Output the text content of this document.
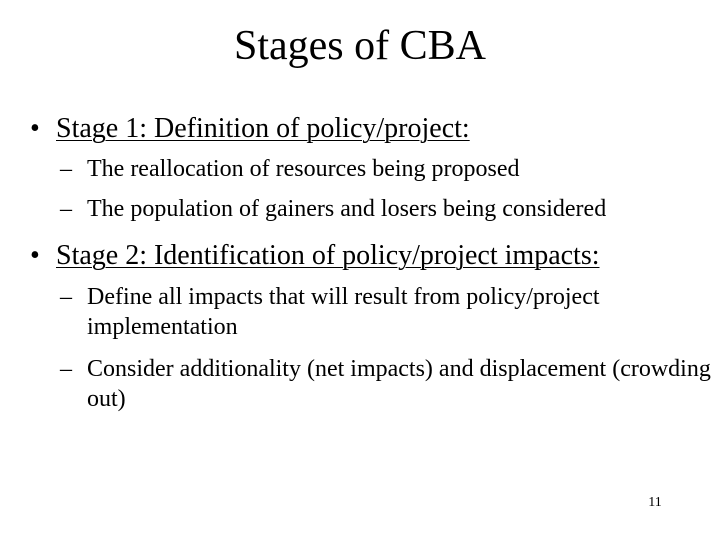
Stages of CBA
• Stage 1: Definition of policy/project:
– The reallocation of resources being proposed
– The population of gainers and losers being considered
• Stage 2: Identification of policy/project impacts:
– Define all impacts that will result from policy/project implementation
– Consider additionality (net impacts) and displacement (crowding out)
11
